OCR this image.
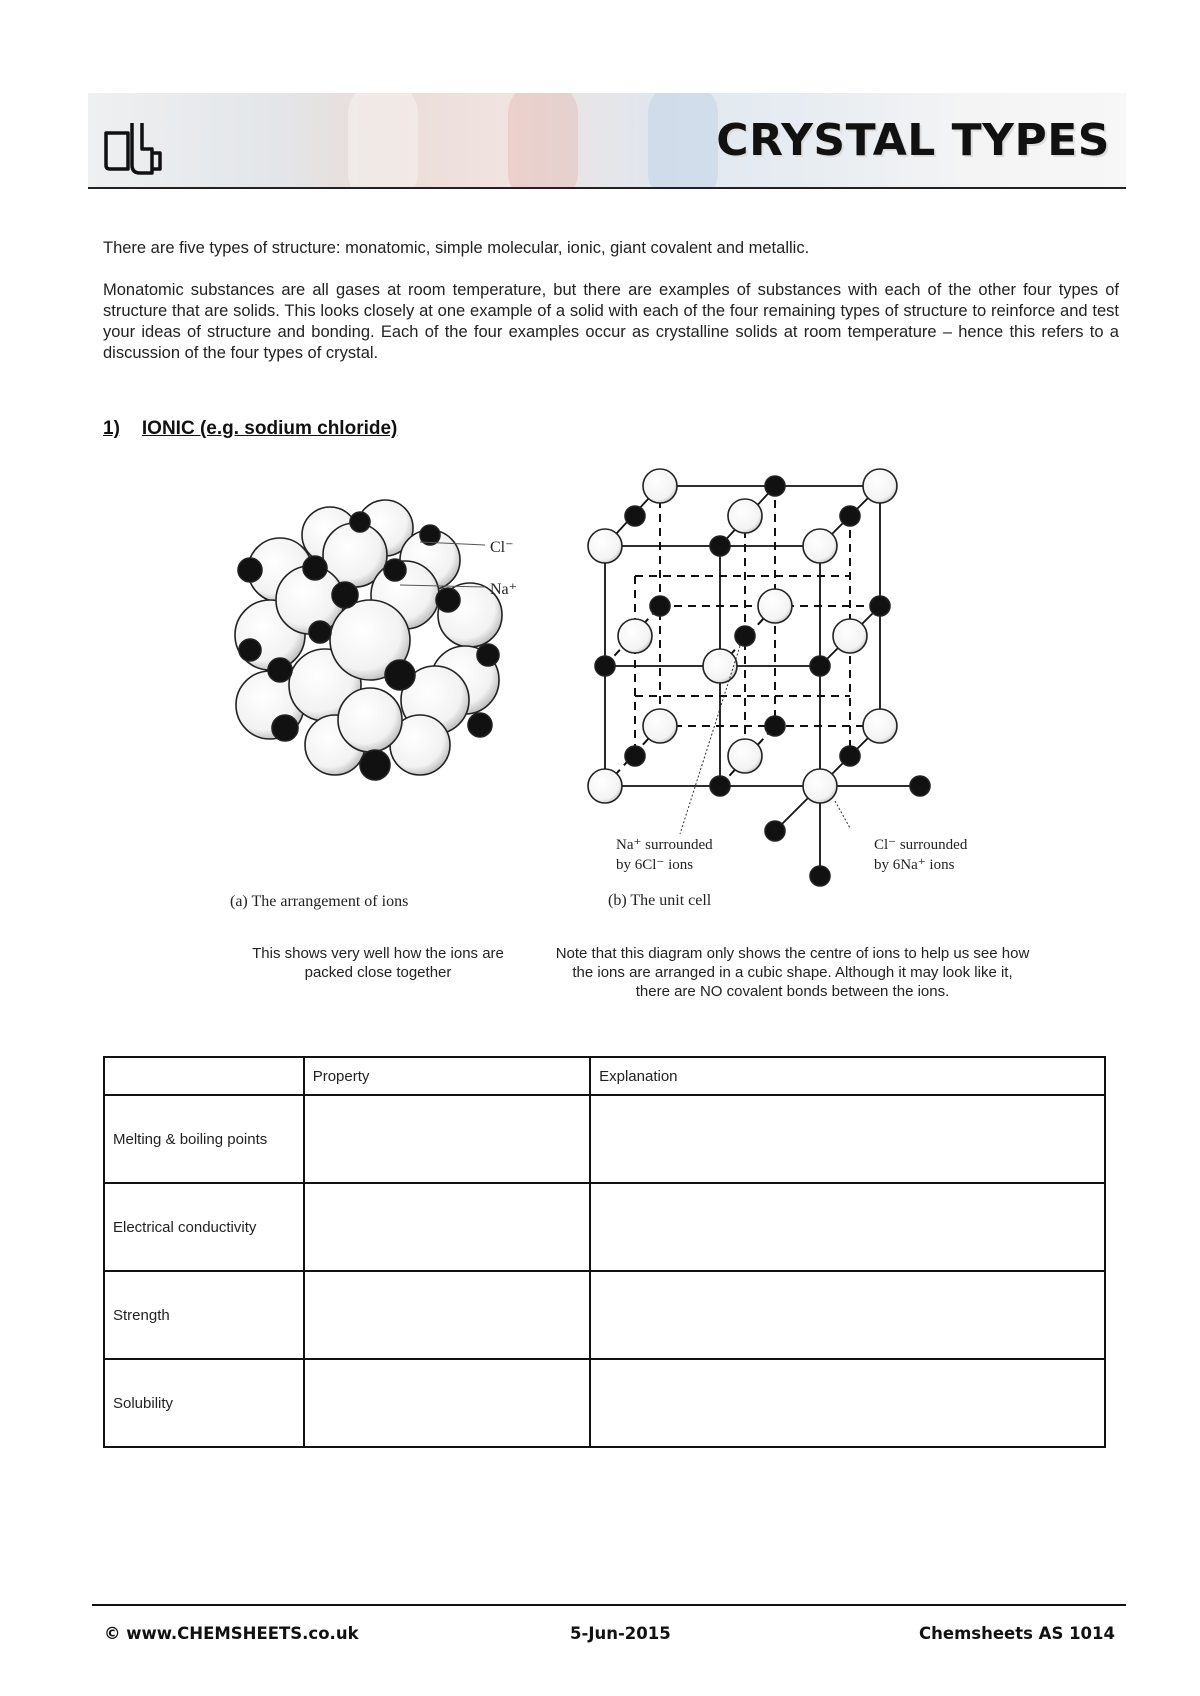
CRYSTAL TYPES
There are five types of structure: monatomic, simple molecular, ionic, giant covalent and metallic.
Monatomic substances are all gases at room temperature, but there are examples of substances with each of the other four types of structure that are solids. This looks closely at one example of a solid with each of the four remaining types of structure to reinforce and test your ideas of structure and bonding. Each of the four examples occur as crystalline solids at room temperature – hence this refers to a discussion of the four types of crystal.
1) IONIC (e.g. sodium chloride)
Cl⁻
Na⁺
(a) The arrangement of ions
Na⁺ surrounded
by 6Cl⁻ ions
Cl⁻ surrounded
by 6Na⁺ ions
(b) The unit cell
This shows very well how the ions are packed close together
Note that this diagram only shows the centre of ions to help us see how the ions are arranged in a cubic shape. Although it may look like it, there are NO covalent bonds between the ions.
	Property	Explanation
Melting & boiling points		
Electrical conductivity		
Strength		
Solubility		
© www.CHEMSHEETS.co.uk	5-Jun-2015	Chemsheets AS 1014
